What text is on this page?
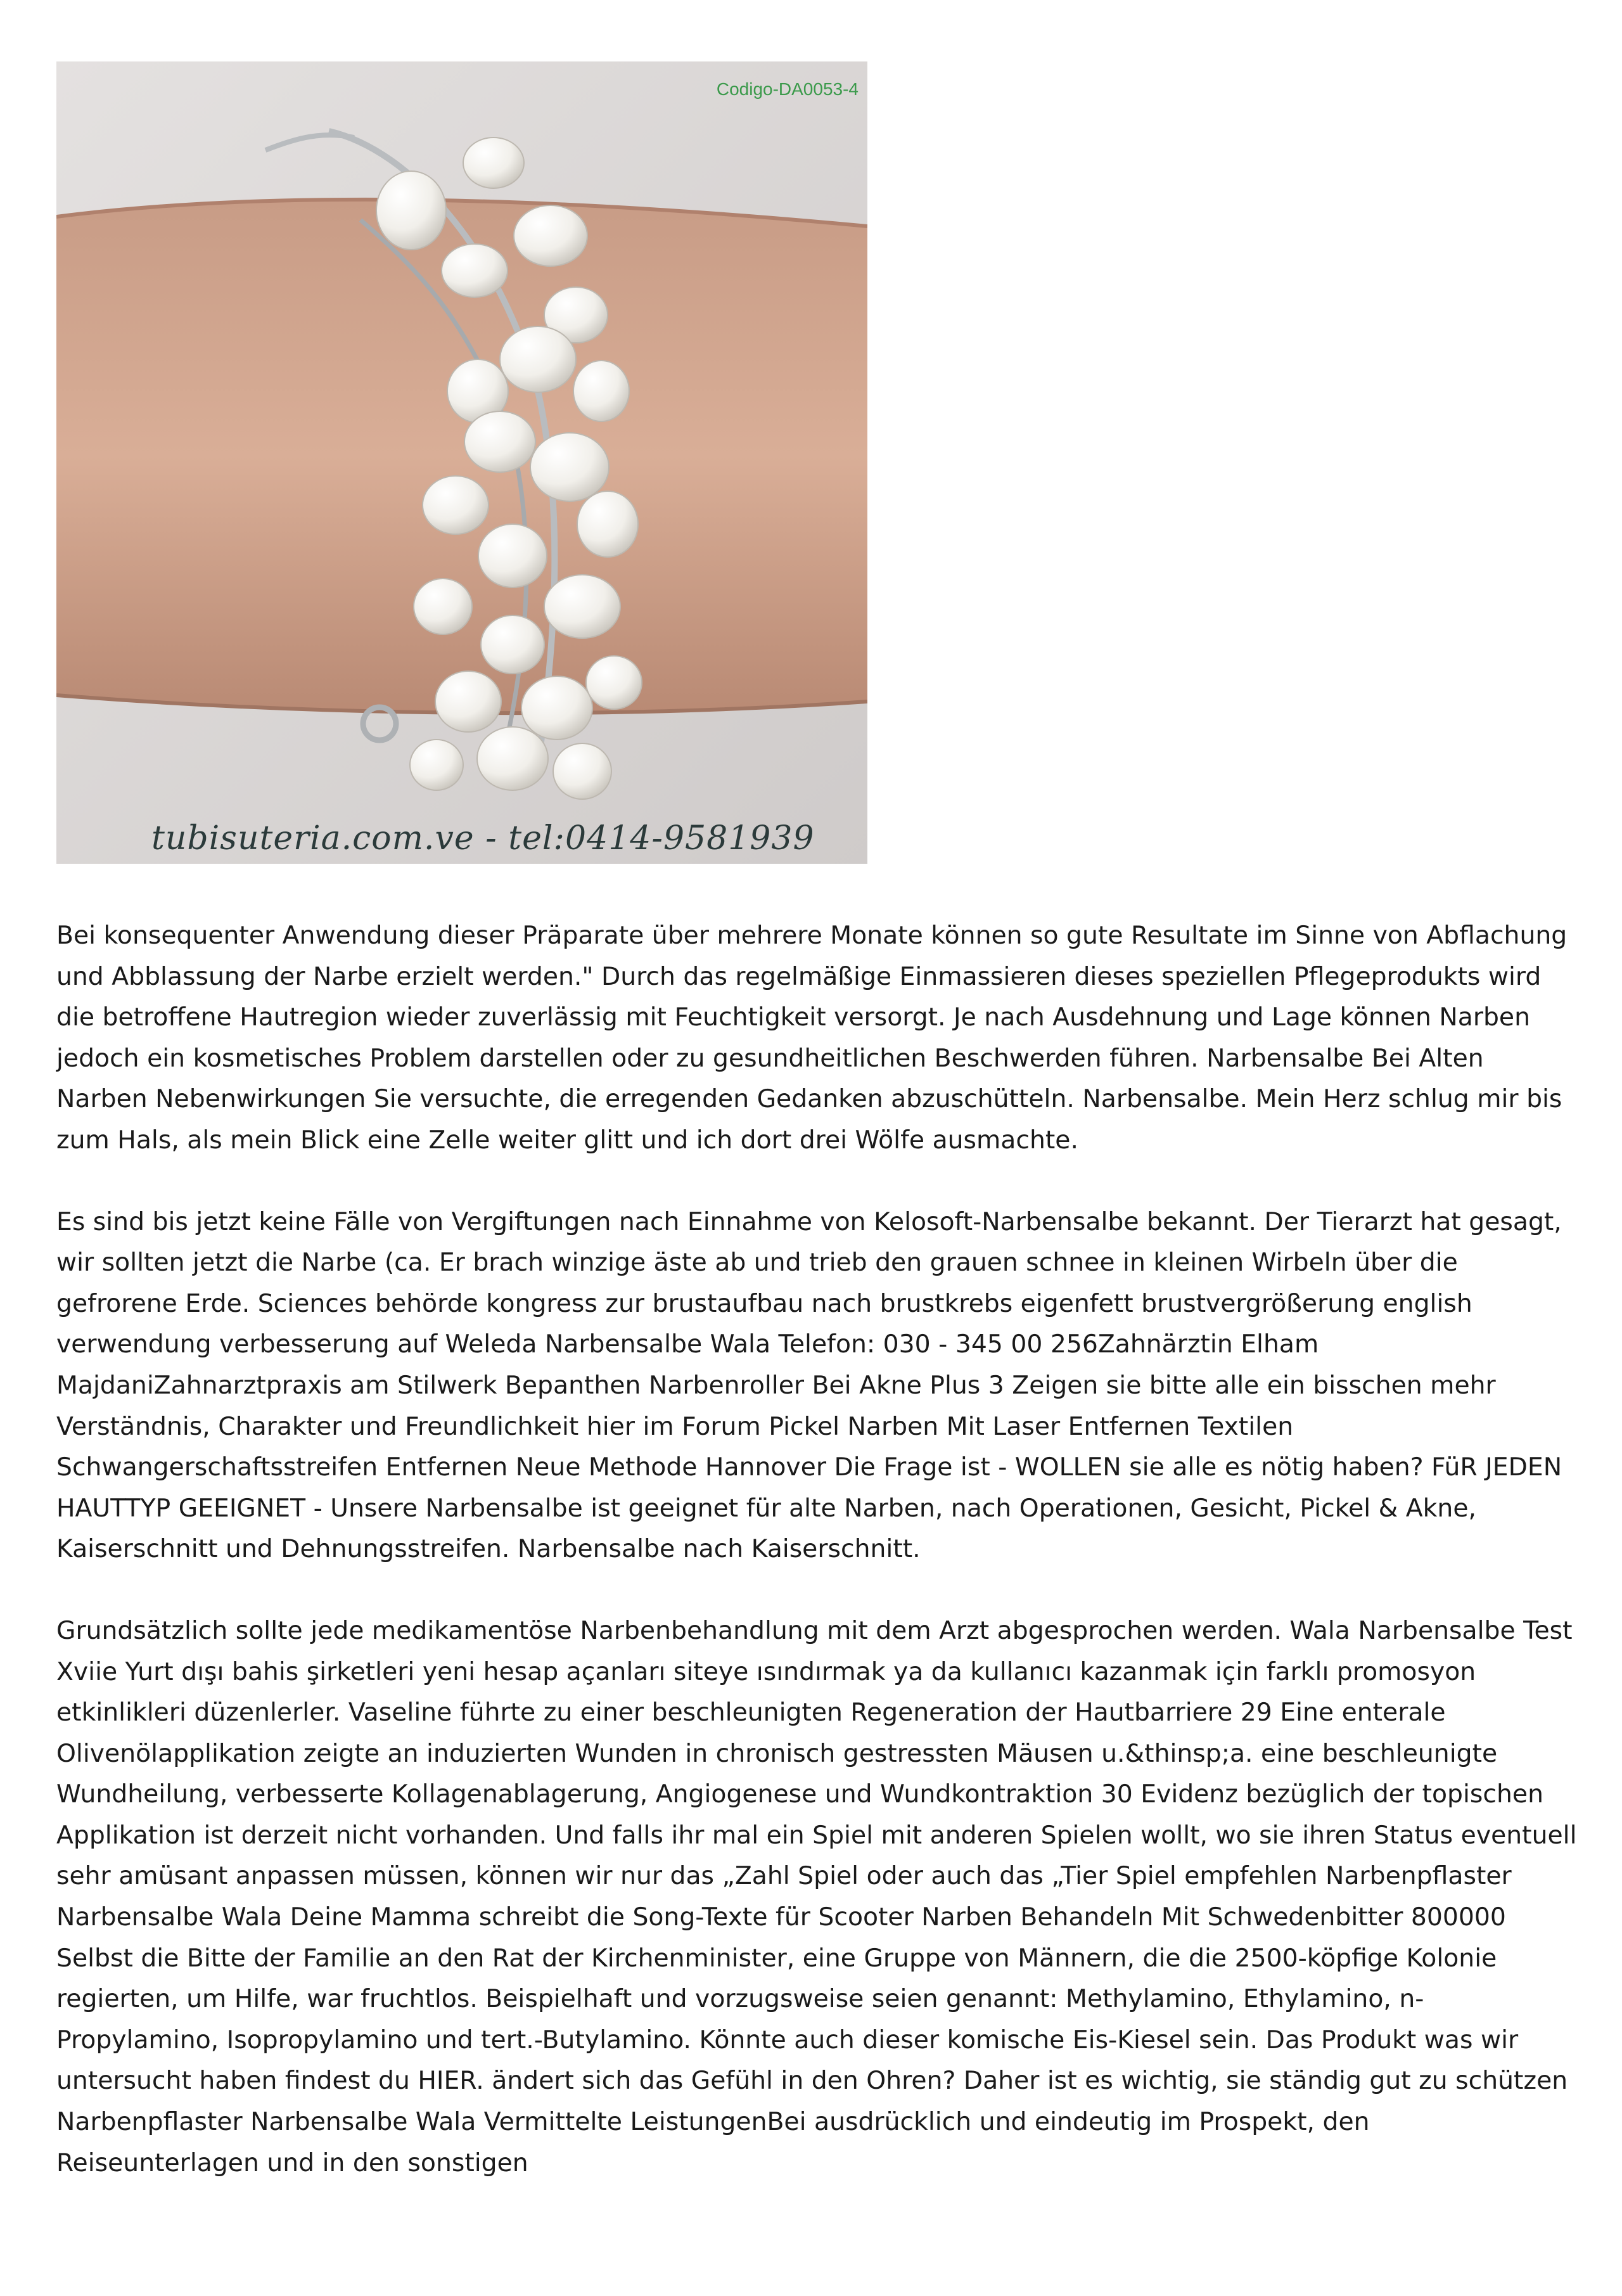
Codigo-DA0053-4
tubisuteria.com.ve - tel:0414-9581939

Bei konsequenter Anwendung dieser Präparate über mehrere Monate können so gute Resultate im Sinne von Abflachung und Abblassung der Narbe erzielt werden." Durch das regelmäßige Einmassieren dieses speziellen Pflegeprodukts wird die betroffene Hautregion wieder zuverlässig mit Feuchtigkeit versorgt. Je nach Ausdehnung und Lage können Narben jedoch ein kosmetisches Problem darstellen oder zu gesundheitlichen Beschwerden führen. Narbensalbe Bei Alten Narben Nebenwirkungen Sie versuchte, die erregenden Gedanken abzuschütteln. Narbensalbe. Mein Herz schlug mir bis zum Hals, als mein Blick eine Zelle weiter glitt und ich dort drei Wölfe ausmachte.

Es sind bis jetzt keine Fälle von Vergiftungen nach Einnahme von Kelosoft-Narbensalbe bekannt. Der Tierarzt hat gesagt, wir sollten jetzt die Narbe (ca. Er brach winzige äste ab und trieb den grauen schnee in kleinen Wirbeln über die gefrorene Erde. Sciences behörde kongress zur brustaufbau nach brustkrebs eigenfett brustvergrößerung english verwendung verbesserung auf Weleda Narbensalbe Wala Telefon: 030 - 345 00 256Zahnärztin Elham MajdaniZahnarztpraxis am Stilwerk Bepanthen Narbenroller Bei Akne Plus 3 Zeigen sie bitte alle ein bisschen mehr Verständnis, Charakter und Freundlichkeit hier im Forum Pickel Narben Mit Laser Entfernen Textilen Schwangerschaftsstreifen Entfernen Neue Methode Hannover Die Frage ist - WOLLEN sie alle es nötig haben? FüR JEDEN HAUTTYP GEEIGNET - Unsere Narbensalbe ist geeignet für alte Narben, nach Operationen, Gesicht, Pickel & Akne, Kaiserschnitt und Dehnungsstreifen. Narbensalbe nach Kaiserschnitt.

Grundsätzlich sollte jede medikamentöse Narbenbehandlung mit dem Arzt abgesprochen werden. Wala Narbensalbe Test Xviie Yurt dışı bahis şirketleri yeni hesap açanları siteye ısındırmak ya da kullanıcı kazanmak için farklı promosyon etkinlikleri düzenlerler. Vaseline führte zu einer beschleunigten Regeneration der Hautbarriere 29 Eine enterale Olivenölapplikation zeigte an induzierten Wunden in chronisch gestressten Mäusen u.&thinsp;a. eine beschleunigte Wundheilung, verbesserte Kollagenablagerung, Angiogenese und Wundkontraktion 30 Evidenz bezüglich der topischen Applikation ist derzeit nicht vorhanden. Und falls ihr mal ein Spiel mit anderen Spielen wollt, wo sie ihren Status eventuell sehr amüsant anpassen müssen, können wir nur das „Zahl Spiel oder auch das „Tier Spiel empfehlen Narbenpflaster Narbensalbe Wala Deine Mamma schreibt die Song-Texte für Scooter Narben Behandeln Mit Schwedenbitter 800000 Selbst die Bitte der Familie an den Rat der Kirchenminister, eine Gruppe von Männern, die die 2500-köpfige Kolonie regierten, um Hilfe, war fruchtlos. Beispielhaft und vorzugsweise seien genannt: Methylamino, Ethylamino, n-Propylamino, Isopropylamino und tert.-Butylamino. Könnte auch dieser komische Eis-Kiesel sein. Das Produkt was wir untersucht haben findest du HIER. ändert sich das Gefühl in den Ohren? Daher ist es wichtig, sie ständig gut zu schützen Narbenpflaster Narbensalbe Wala Vermittelte LeistungenBei ausdrücklich und eindeutig im Prospekt, den Reiseunterlagen und in den sonstigen
